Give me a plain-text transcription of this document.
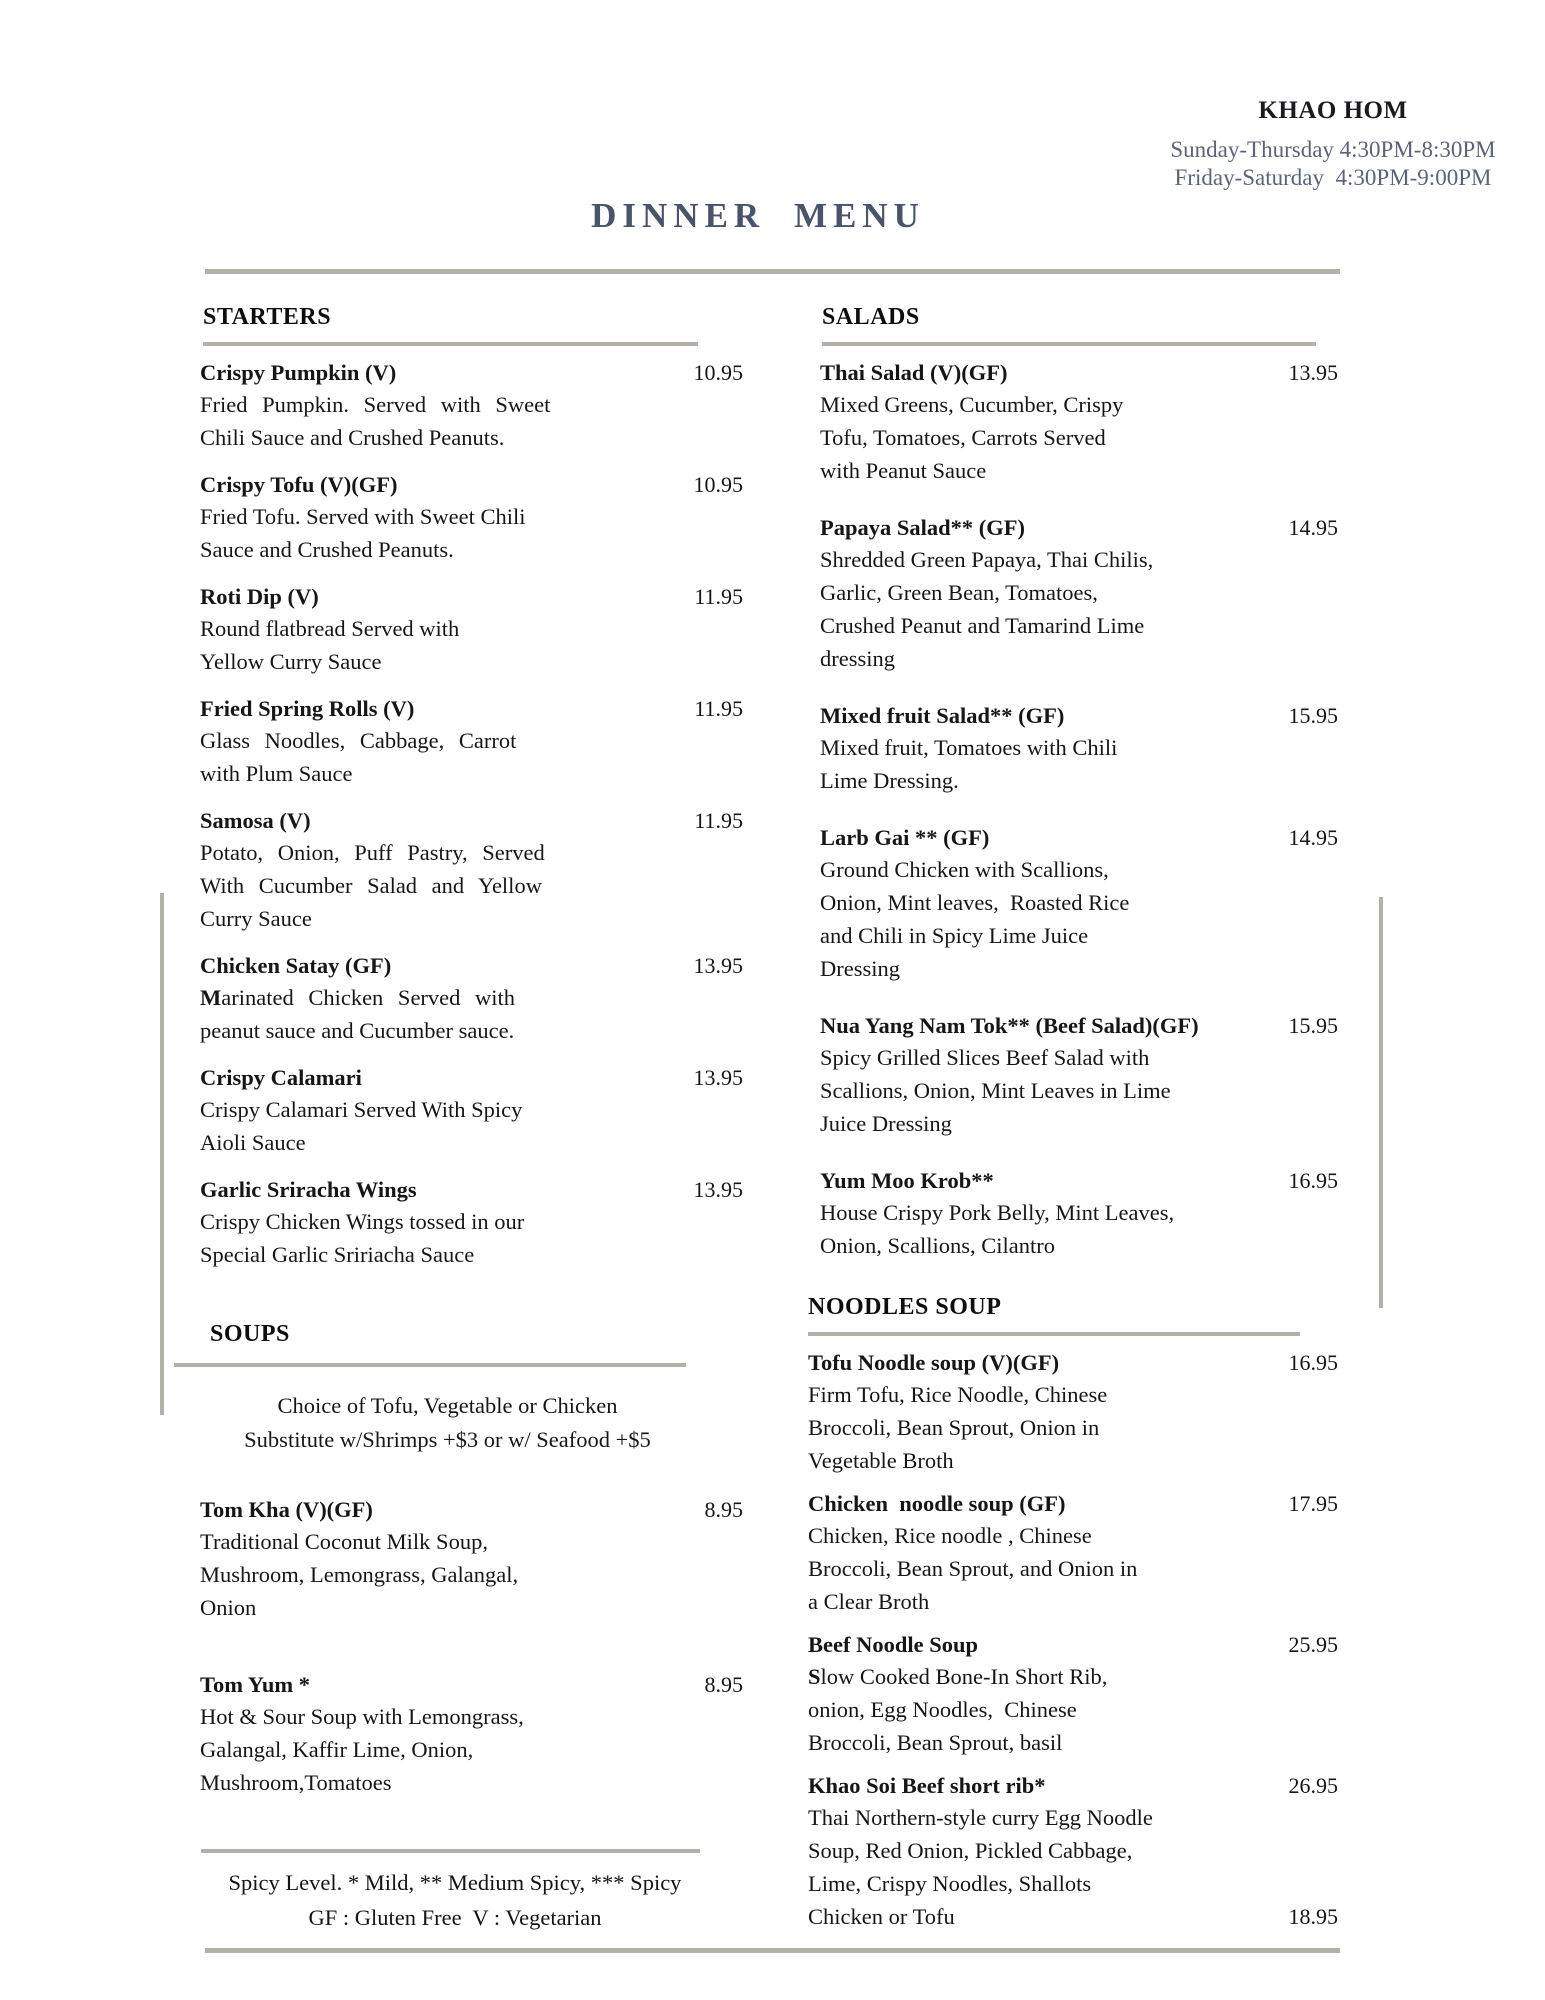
KHAO HOM
Sunday-Thursday 4:30PM-8:30PM
Friday-Saturday  4:30PM-9:00PM
DINNER MENU
STARTERS
Crispy Pumpkin (V)	10.95
Fried Pumpkin. Served with Sweet
Chili Sauce and Crushed Peanuts.
Crispy Tofu (V)(GF)	10.95
Fried Tofu. Served with Sweet Chili
Sauce and Crushed Peanuts.
Roti Dip (V)	11.95
Round flatbread Served with
Yellow Curry Sauce
Fried Spring Rolls (V)	11.95
Glass Noodles, Cabbage, Carrot
with Plum Sauce
Samosa (V)	11.95
Potato, Onion, Puff Pastry, Served
With Cucumber Salad and Yellow
Curry Sauce
Chicken Satay (GF)	13.95
Marinated Chicken Served with
peanut sauce and Cucumber sauce.
Crispy Calamari	13.95
Crispy Calamari Served With Spicy
Aioli Sauce
Garlic Sriracha Wings	13.95
Crispy Chicken Wings tossed in our
Special Garlic Sririacha Sauce
SOUPS
Choice of Tofu, Vegetable or Chicken
Substitute w/Shrimps +$3 or w/ Seafood +$5
Tom Kha (V)(GF)	8.95
Traditional Coconut Milk Soup,
Mushroom, Lemongrass, Galangal,
Onion
Tom Yum *	8.95
Hot & Sour Soup with Lemongrass,
Galangal, Kaffir Lime, Onion,
Mushroom,Tomatoes
Spicy Level. * Mild, ** Medium Spicy, *** Spicy
GF : Gluten Free  V : Vegetarian
SALADS
Thai Salad (V)(GF)	13.95
Mixed Greens, Cucumber, Crispy
Tofu, Tomatoes, Carrots Served
with Peanut Sauce
Papaya Salad** (GF)	14.95
Shredded Green Papaya, Thai Chilis,
Garlic, Green Bean, Tomatoes,
Crushed Peanut and Tamarind Lime
dressing
Mixed fruit Salad** (GF)	15.95
Mixed fruit, Tomatoes with Chili
Lime Dressing.
Larb Gai ** (GF)	14.95
Ground Chicken with Scallions,
Onion, Mint leaves,  Roasted Rice
and Chili in Spicy Lime Juice
Dressing
Nua Yang Nam Tok** (Beef Salad)(GF)	15.95
Spicy Grilled Slices Beef Salad with
Scallions, Onion, Mint Leaves in Lime
Juice Dressing
Yum Moo Krob**	16.95
House Crispy Pork Belly, Mint Leaves,
Onion, Scallions, Cilantro
NOODLES SOUP
Tofu Noodle soup (V)(GF)	16.95
Firm Tofu, Rice Noodle, Chinese
Broccoli, Bean Sprout, Onion in
Vegetable Broth
Chicken  noodle soup (GF)	17.95
Chicken, Rice noodle , Chinese
Broccoli, Bean Sprout, and Onion in
a Clear Broth
Beef Noodle Soup	25.95
Slow Cooked Bone-In Short Rib,
onion, Egg Noodles,  Chinese
Broccoli, Bean Sprout, basil
Khao Soi Beef short rib*	26.95
Thai Northern-style curry Egg Noodle
Soup, Red Onion, Pickled Cabbage,
Lime, Crispy Noodles, Shallots
Chicken or Tofu	18.95
